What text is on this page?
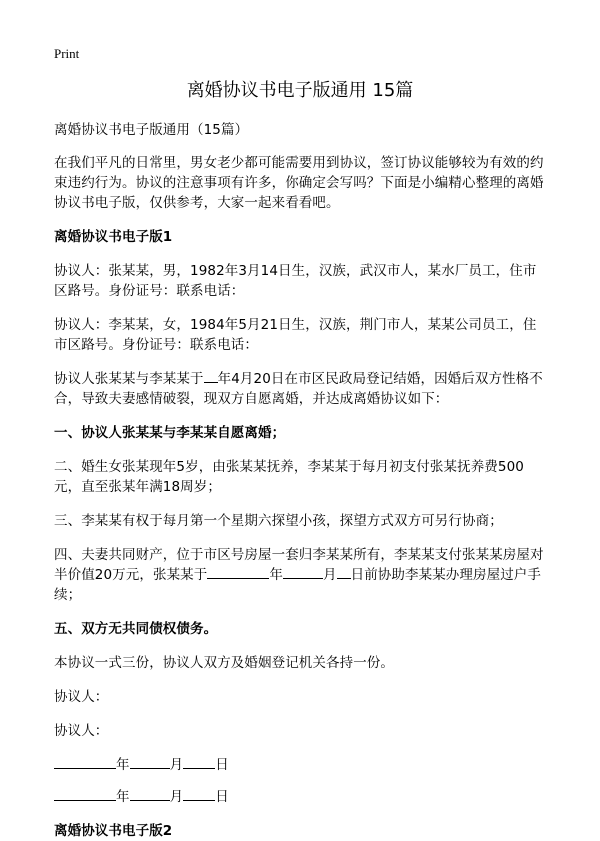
Print
离婚协议书电子版通用 15篇

离婚协议书电子版通用（15篇）

在我们平凡的日常里，男女老少都可能需要用到协议，签订协议能够较为有效的约束违约行为。协议的注意事项有许多，你确定会写吗？下面是小编精心整理的离婚协议书电子版，仅供参考，大家一起来看看吧。

离婚协议书电子版1

协议人：张某某，男，1982年3月14日生，汉族，武汉市人，某水厂员工，住市区路号。身份证号：联系电话：

协议人：李某某，女，1984年5月21日生，汉族，荆门市人，某某公司员工，住市区路号。身份证号：联系电话：

协议人张某某与李某某于 年4月20日在市区民政局登记结婚，因婚后双方性格不合，导致夫妻感情破裂，现双方自愿离婚，并达成离婚协议如下：

一、协议人张某某与李某某自愿离婚；

二、婚生女张某现年5岁，由张某某抚养，李某某于每月初支付张某抚养费500元，直至张某年满18周岁；

三、李某某有权于每月第一个星期六探望小孩，探望方式双方可另行协商；

四、夫妻共同财产，位于市区号房屋一套归李某某所有，李某某支付张某某房屋对半价值20万元，张某某于	年	月 日前协助李某某办理房屋过户手续；

五、双方无共同债权债务。

本协议一式三份，协议人双方及婚姻登记机关各持一份。

协议人：

协议人：

年	月 日

年	月 日

离婚协议书电子版2
